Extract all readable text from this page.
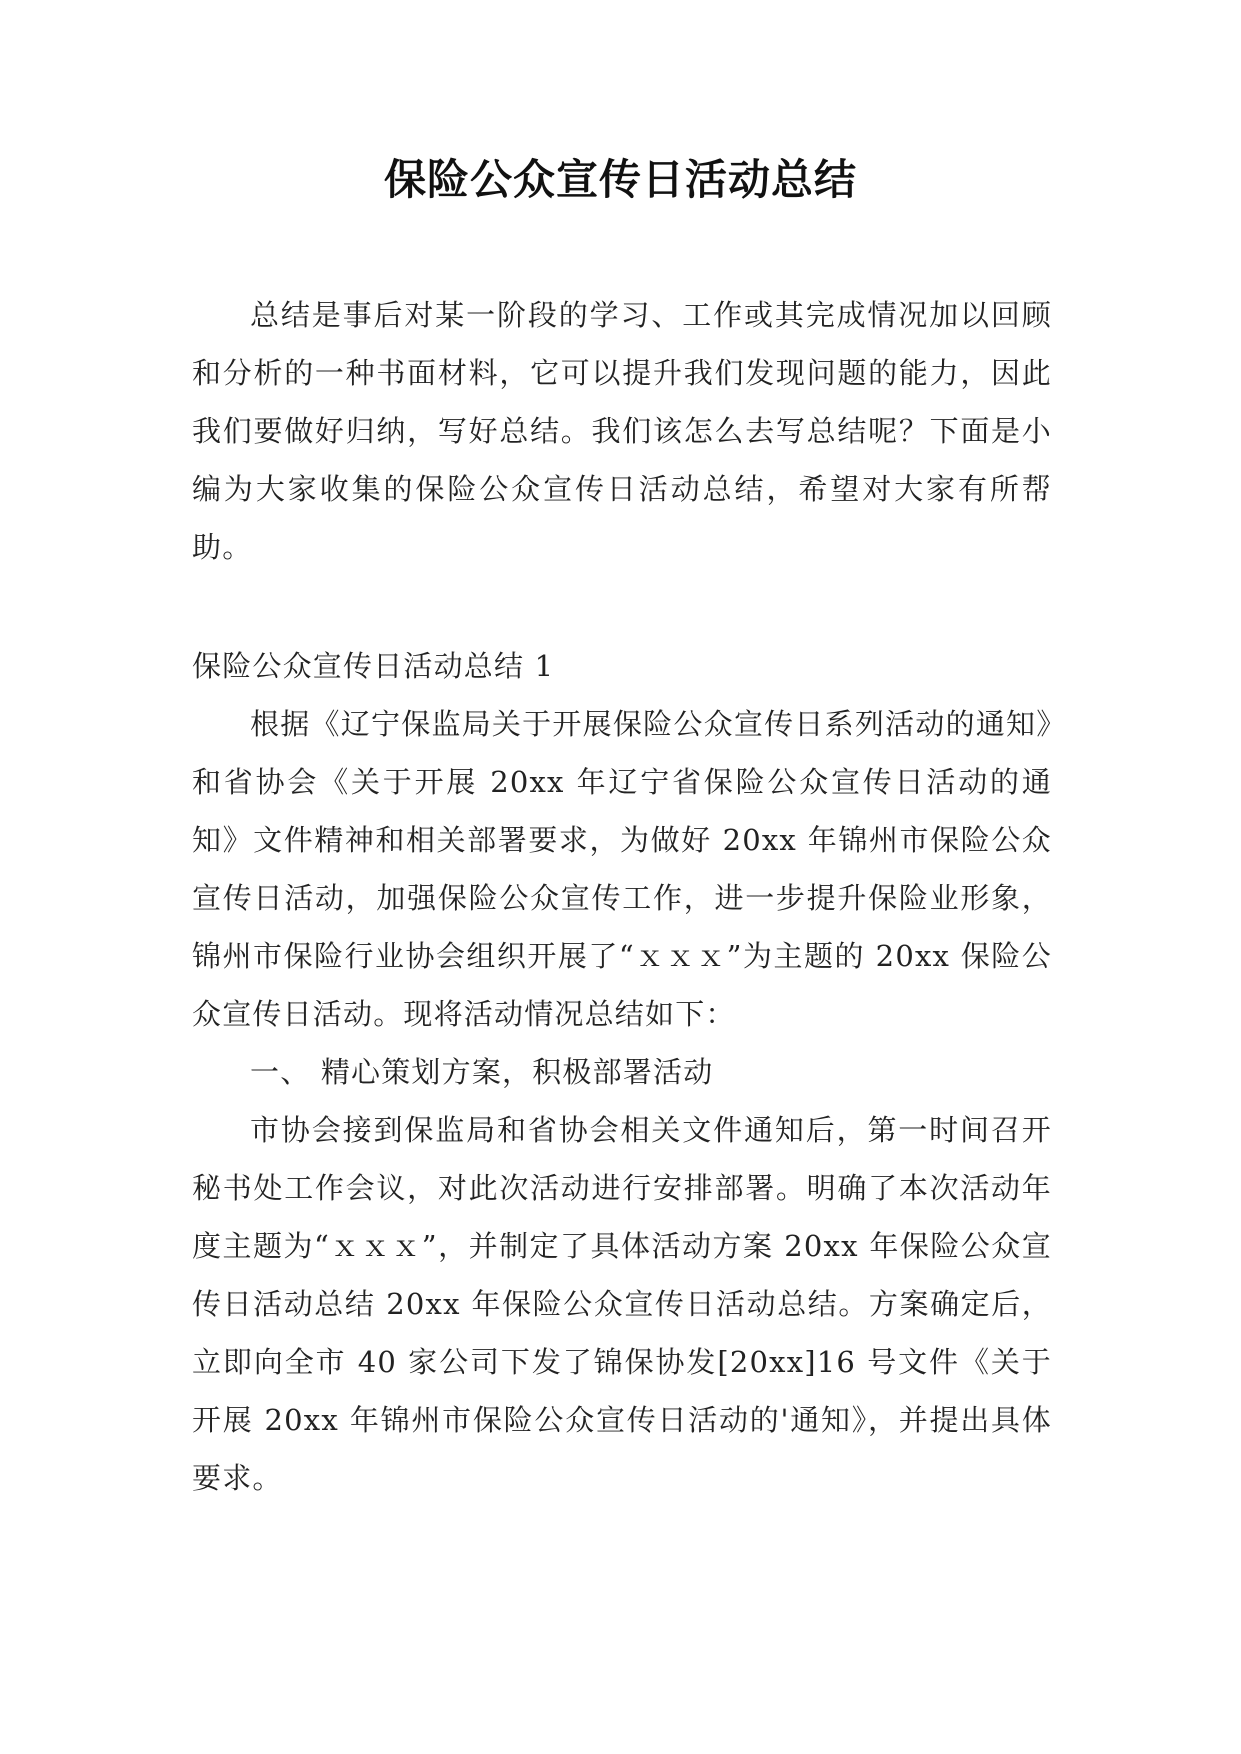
保险公众宣传日活动总结

总结是事后对某一阶段的学习、工作或其完成情况加以回顾和分析的一种书面材料，它可以提升我们发现问题的能力，因此我们要做好归纳，写好总结。我们该怎么去写总结呢？下面是小编为大家收集的保险公众宣传日活动总结，希望对大家有所帮助。

保险公众宣传日活动总结 1

根据《辽宁保监局关于开展保险公众宣传日系列活动的通知》和省协会《关于开展 20xx 年辽宁省保险公众宣传日活动的通知》文件精神和相关部署要求，为做好 20xx 年锦州市保险公众宣传日活动，加强保险公众宣传工作，进一步提升保险业形象，锦州市保险行业协会组织开展了“ｘｘｘ”为主题的 20xx 保险公众宣传日活动。现将活动情况总结如下：

一、 精心策划方案，积极部署活动

市协会接到保监局和省协会相关文件通知后，第一时间召开秘书处工作会议，对此次活动进行安排部署。明确了本次活动年度主题为“ｘｘｘ”，并制定了具体活动方案 20xx 年保险公众宣传日活动总结 20xx 年保险公众宣传日活动总结。方案确定后，立即向全市 40 家公司下发了锦保协发[20xx]16 号文件《关于开展 20xx 年锦州市保险公众宣传日活动的'通知》，并提出具体要求。
